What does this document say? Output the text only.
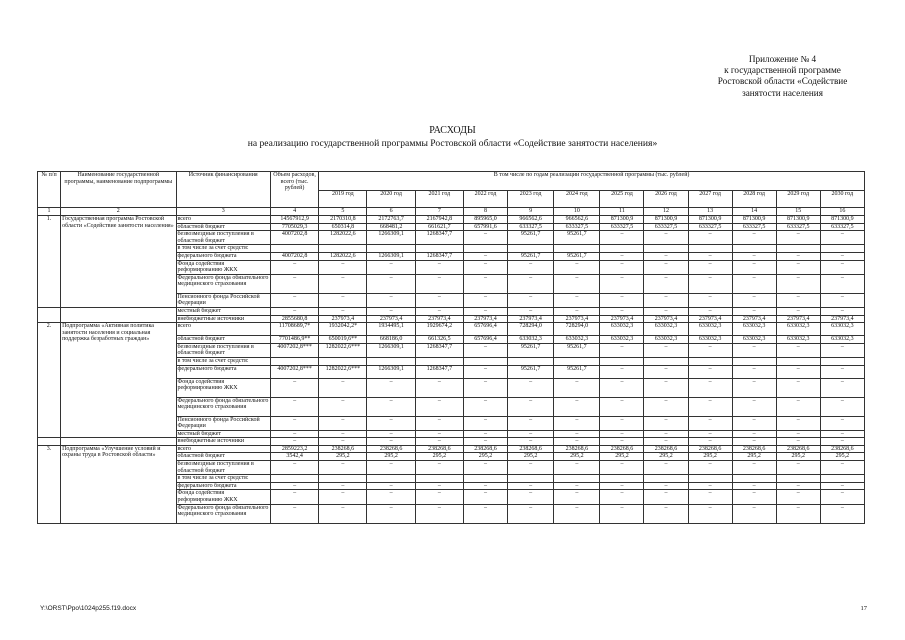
Приложение № 4
к государственной программе
Ростовской области «Содействие
занятости населения
РАСХОДЫ
на реализацию государственной программы Ростовской области «Содействие занятости населения»
№ п/п	Наименование государственной программы, наименование подпрограммы	Источник финансирования	Объем расходов, всего (тыс. рублей)	В том числе по годам реализации государственной программы (тыс. рублей)											
				2019 год	2020 год	2021 год	2022 год	2023 год	2024 год	2025 год	2026 год	2027 год	2028 год	2029 год	2030 год
1	2	3	4	5	6	7	8	9	10	11	12	13	14	15	16
1.	Государственная программа Ростовской области «Содействие занятости населения»	всего	14567912,9	2170310,8	2172763,7	2167942,8	895965,0	966562,6	966562,6	871300,9	871300,9	871300,9	871300,9	871300,9	871300,9
		областной бюджет	7705029,3	650314,8	668481,2	661621,7	657991,6	633327,5	633327,5	633327,5	633327,5	633327,5	633327,5	633327,5	633327,5
		безвозмездные поступления в областной бюджет	4007202,8	1282022,6	1266309,1	1268347,7	–	95261,7	95261,7	–	–	–	–	–	–
		в том числе за счет средств:													
		федерального бюджета	4007202,8	1282022,6	1266309,1	1268347,7	–	95261,7	95261,7	–	–	–	–	–	–
		Фонда содействия реформированию ЖКХ	–	–	–	–	–	–	–	–	–	–	–	–	–
		Федерального фонда обязательного медицинского страхования	–	–	–	–	–	–	–	–	–	–	–	–	–
		Пенсионного фонда Российской Федерации	–	–	–	–	–	–	–	–	–	–	–	–	–
		местный бюджет	–	–	–	–	–	–	–	–	–	–	–	–	–
		внебюджетные источники	2855680,8	237973,4	237973,4	237973,4	237973,4	237973,4	237973,4	237973,4	237973,4	237973,4	237973,4	237973,4	237973,4
2.	Подпрограмма «Активная политика занятости населения и социальная поддержка безработных граждан»	всего	11708689,7*	1932042,2*	1934495,1	1929674,2	657696,4	728294,0	728294,0	633032,3	633032,3	633032,3	633032,3	633032,3	633032,3
		областной бюджет	7701486,9**	650019,6**	668186,0	661326,5	657696,4	633032,3	633032,3	633032,3	633032,3	633032,3	633032,3	633032,3	633032,3
		безвозмездные поступления в областной бюджет	4007202,8***	1282022,6***	1266309,1	1268347,7	–	95261,7	95261,7	–	–	–	–	–	–
		в том числе за счет средств:													
		федерального бюджета	4007202,8***	1282022,6***	1266309,1	1268347,7	–	95261,7	95261,7	–	–	–	–	–	–
		Фонда содействия реформированию ЖКХ	–	–	–	–	–	–	–	–	–	–	–	–	–
		Федерального фонда обязательного медицинского страхования	–	–	–	–	–	–	–	–	–	–	–	–	–
		Пенсионного фонда Российской Федерации	–	–	–	–	–	–	–	–	–	–	–	–	–
		местный бюджет	–	–	–	–	–	–	–	–	–	–	–	–	–
		внебюджетные источники	–	–	–	–	–	–	–	–	–	–	–	–	–
3.	Подпрограмма «Улучшение условий и охраны труда в Ростовской области»	всего	2859223,2	238268,6	238268,6	238268,6	238268,6	238268,6	238268,6	238268,6	238268,6	238268,6	238268,6	238268,6	238268,6
		областной бюджет	3542,4	295,2	295,2	295,2	295,2	295,2	295,2	295,2	295,2	295,2	295,2	295,2	295,2
		безвозмездные поступления в областной бюджет	–	–	–	–	–	–	–	–	–	–	–	–	–
		в том числе за счет средств:													
		федерального бюджета	–	–	–	–	–	–	–	–	–	–	–	–	–
		Фонда содействия реформированию ЖКХ	–	–	–	–	–	–	–	–	–	–	–	–	–
		Федерального фонда обязательного медицинского страхования	–	–	–	–	–	–	–	–	–	–	–	–	–
Y:\ORST\Ppo\1024p255.f19.docx	17
